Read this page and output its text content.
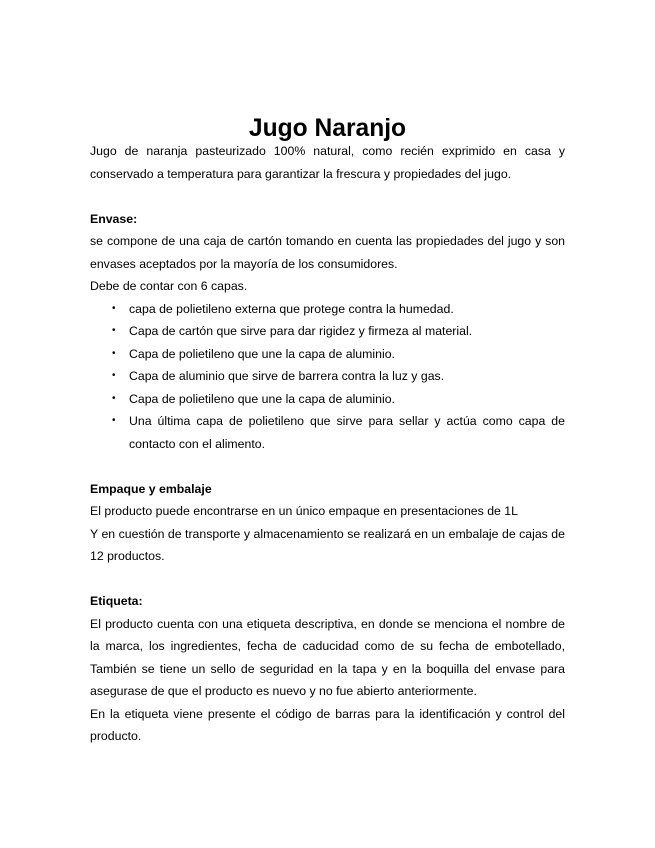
Jugo Naranjo

Jugo de naranja pasteurizado 100% natural, como recién exprimido en casa y conservado a temperatura para garantizar la frescura y propiedades del jugo.

Envase:

se compone de una caja de cartón tomando en cuenta las propiedades del jugo y son envases aceptados por la mayoría de los consumidores.

Debe de contar con 6 capas.

• capa de polietileno externa que protege contra la humedad.
• Capa de cartón que sirve para dar rigidez y firmeza al material.
• Capa de polietileno que une la capa de aluminio.
• Capa de aluminio que sirve de barrera contra la luz y gas.
• Capa de polietileno que une la capa de aluminio.
• Una última capa de polietileno que sirve para sellar y actúa como capa de contacto con el alimento.
Empaque y embalaje

El producto puede encontrarse en un único empaque en presentaciones de 1L

Y en cuestión de transporte y almacenamiento se realizará en un embalaje de cajas de 12 productos.

Etiqueta:

El producto cuenta con una etiqueta descriptiva, en donde se menciona el nombre de la marca, los ingredientes, fecha de caducidad como de su fecha de embotellado, También se tiene un sello de seguridad en la tapa y en la boquilla del envase para asegurase de que el producto es nuevo y no fue abierto anteriormente.

En la etiqueta viene presente el código de barras para la identificación y control del producto.
